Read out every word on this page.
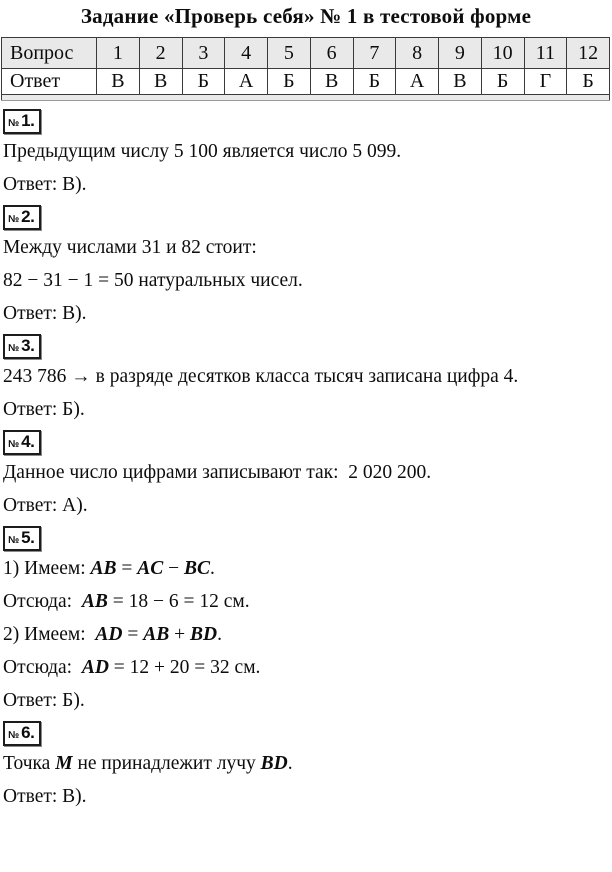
Задание «Проверь себя» № 1 в тестовой форме
Вопрос	1	2	3	4	5	6	7	8	9	10	11	12
Ответ	В	В	Б	А	Б	В	Б	А	В	Б	Г	Б

№ 1.

Предыдущим числу 5 100 является число 5 099.

Ответ: В).

№ 2.

Между числами 31 и 82 стоит:

82 − 31 − 1 = 50 натуральных чисел.

Ответ: В).

№ 3.

243 786 → в разряде десятков класса тысяч записана цифра 4.

Ответ: Б).

№ 4.

Данное число цифрами записывают так:  2 020 200.

Ответ: А).

№ 5.

1) Имеем: AB = AC − BC.

Отсюда:  AB = 18 − 6 = 12 см.

2) Имеем:  AD = AB + BD.

Отсюда:  AD = 12 + 20 = 32 см.

Ответ: Б).

№ 6.

Точка M не принадлежит лучу BD.

Ответ: В).
